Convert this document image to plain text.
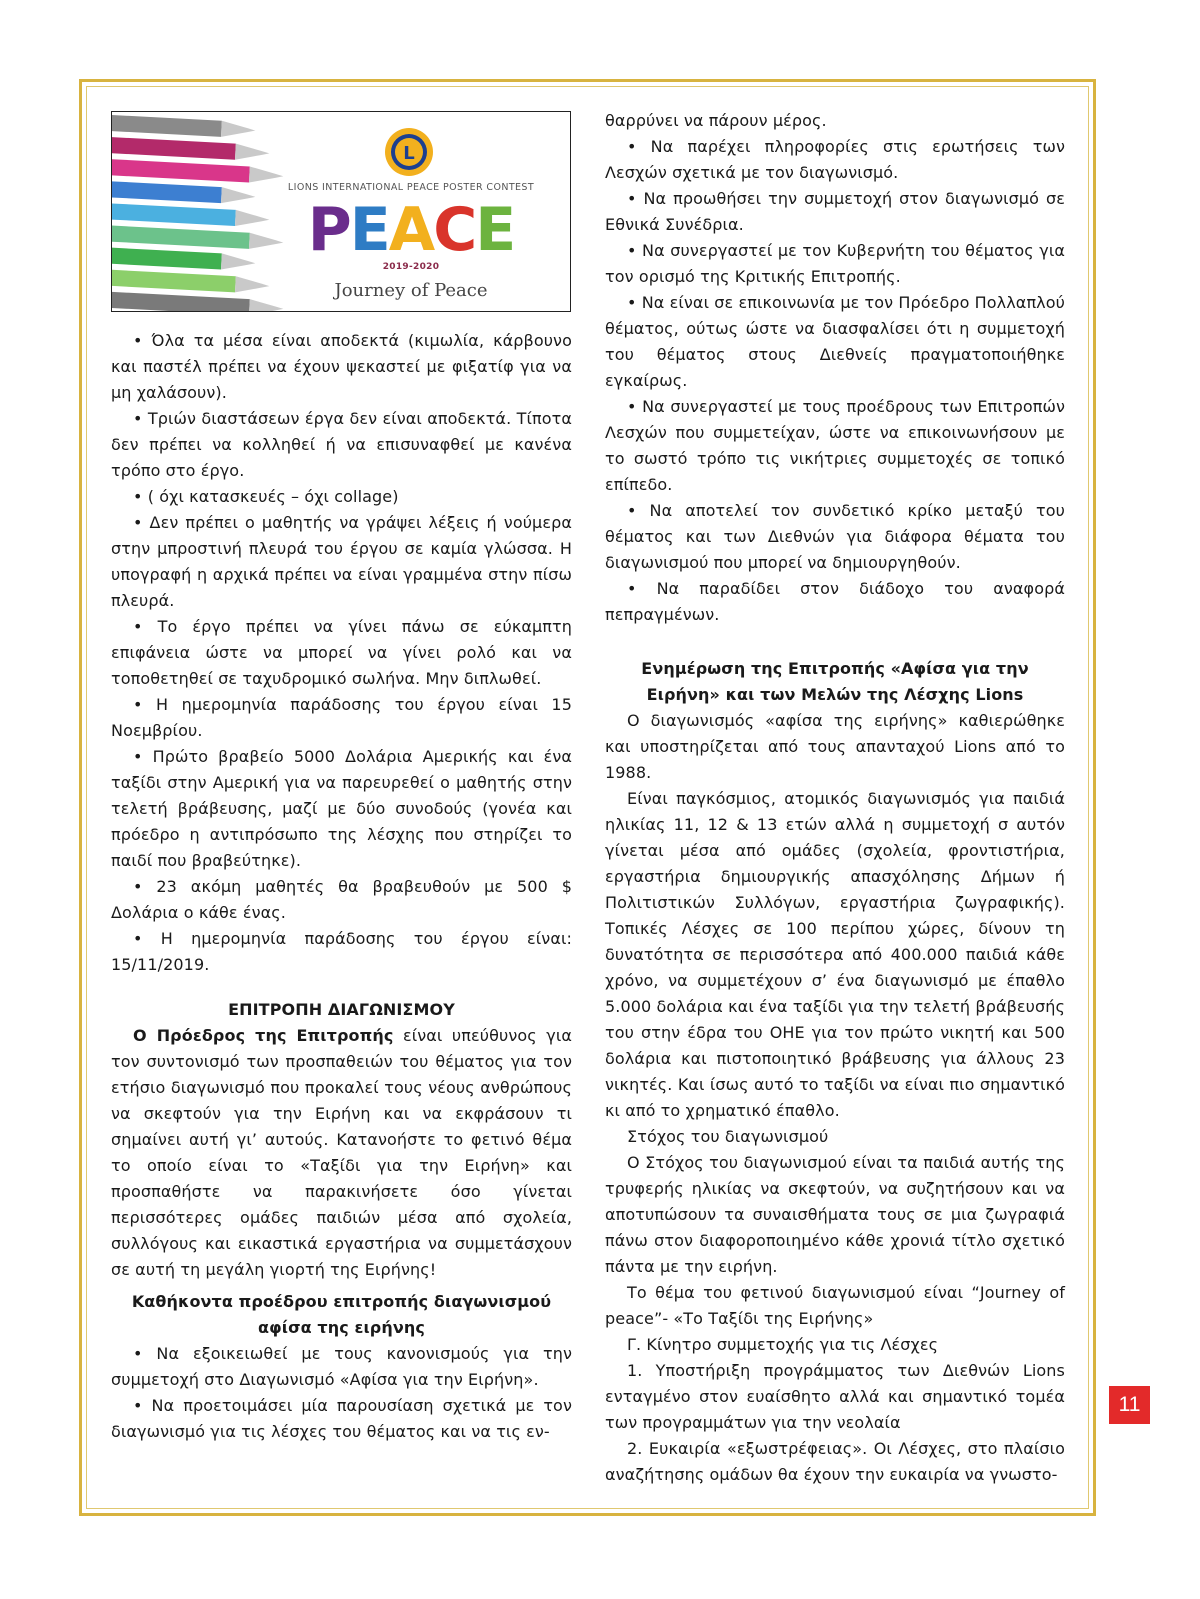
L
LIONS INTERNATIONAL PEACE POSTER CONTEST
PEACE
2019-2020
Journey of Peace

• Όλα τα μέσα είναι αποδεκτά (κιμωλία, κάρβουνο και παστέλ πρέπει να έχουν ψεκαστεί με φιξατίφ για να μη χαλάσουν).

• Τριών διαστάσεων έργα δεν είναι αποδεκτά. Τίποτα δεν πρέπει να κολληθεί ή να επισυναφθεί με κανένα τρόπο στο έργο.

• ( όχι κατασκευές – όχι collage)

• Δεν πρέπει ο μαθητής να γράψει λέξεις ή νούμερα στην μπροστινή πλευρά του έργου σε καμία γλώσσα. Η υπογραφή η αρχικά πρέπει να είναι γραμμένα στην πίσω πλευρά.

• Το έργο πρέπει να γίνει πάνω σε εύκαμπτη επιφάνεια ώστε να μπορεί να γίνει ρολό και να τοποθετηθεί σε ταχυδρομικό σωλήνα. Μην διπλωθεί.

• Η ημερομηνία παράδοσης του έργου είναι 15 Νοεμβρίου.

• Πρώτο βραβείο 5000 Δολάρια Αμερικής και ένα ταξίδι στην Αμερική για να παρευρεθεί ο μαθητής στην τελετή βράβευσης, μαζί με δύο συνοδούς (γονέα και πρόεδρο η αντιπρόσωπο της λέσχης που στηρίζει το παιδί που βραβεύτηκε).

• 23 ακόμη μαθητές θα βραβευθούν με 500 $ Δολάρια ο κάθε ένας.

• Η ημερομηνία παράδοσης του έργου είναι: 15/11/2019.

ΕΠΙΤΡΟΠΗ ΔΙΑΓΩΝΙΣΜΟΥ

Ο Πρόεδρος της Επιτροπής είναι υπεύθυνος για τον συντονισμό των προσπαθειών του θέματος για τον ετήσιο διαγωνισμό που προκαλεί τους νέους ανθρώπους να σκεφτούν για την Ειρήνη και να εκφράσουν τι σημαίνει αυτή γι’ αυτούς. Κατανοήστε το φετινό θέμα το οποίο είναι το «Ταξίδι για την Ειρήνη» και προσπαθήστε να παρακινήσετε όσο γίνεται περισσότερες ομάδες παιδιών μέσα από σχολεία, συλλόγους και εικαστικά εργαστήρια να συμμετάσχουν σε αυτή τη μεγάλη γιορτή της Ειρήνης!

Καθήκοντα προέδρου επιτροπής διαγωνισμού

αφίσα της ειρήνης

• Να εξοικειωθεί με τους κανονισμούς για την συμμετοχή στο Διαγωνισμό «Αφίσα για την Ειρήνη».

• Να προετοιμάσει μία παρουσίαση σχετικά με τον διαγωνισμό για τις λέσχες του θέματος και να τις εν-

θαρρύνει να πάρουν μέρος.

• Να παρέχει πληροφορίες στις ερωτήσεις των Λεσχών σχετικά με τον διαγωνισμό.

• Να προωθήσει την συμμετοχή στον διαγωνισμό σε Εθνικά Συνέδρια.

• Να συνεργαστεί με τον Κυβερνήτη του θέματος για τον ορισμό της Κριτικής Επιτροπής.

• Να είναι σε επικοινωνία με τον Πρόεδρο Πολλαπλού θέματος, ούτως ώστε να διασφαλίσει ότι η συμμετοχή του θέματος στους Διεθνείς πραγματοποιήθηκε εγκαίρως.

• Να συνεργαστεί με τους προέδρους των Επιτροπών Λεσχών που συμμετείχαν, ώστε να επικοινωνήσουν με το σωστό τρόπο τις νικήτριες συμμετοχές σε τοπικό επίπεδο.

• Να αποτελεί τον συνδετικό κρίκο μεταξύ του θέματος και των Διεθνών για διάφορα θέματα του διαγωνισμού που μπορεί να δημιουργηθούν.

• Να παραδίδει στον διάδοχο του αναφορά πεπραγμένων.

Ενημέρωση της Επιτροπής «Αφίσα για την

Ειρήνη» και των Μελών της Λέσχης Lions

Ο διαγωνισμός «αφίσα της ειρήνης» καθιερώθηκε και υποστηρίζεται από τους απανταχού Lions από το 1988.

Είναι παγκόσμιος, ατομικός διαγωνισμός για παιδιά ηλικίας 11, 12 & 13 ετών αλλά η συμμετοχή σ αυτόν γίνεται μέσα από ομάδες (σχολεία, φροντιστήρια, εργαστήρια δημιουργικής απασχόλησης Δήμων ή Πολιτιστικών Συλλόγων, εργαστήρια ζωγραφικής). Τοπικές Λέσχες σε 100 περίπου χώρες, δίνουν τη δυνατότητα σε περισσότερα από 400.000 παιδιά κάθε χρόνο, να συμμετέχουν σ’ ένα διαγωνισμό με έπαθλο 5.000 δολάρια και ένα ταξίδι για την τελετή βράβευσής του στην έδρα του ΟΗΕ για τον πρώτο νικητή και 500 δολάρια και πιστοποιητικό βράβευσης για άλλους 23 νικητές. Και ίσως αυτό το ταξίδι να είναι πιο σημαντικό κι από το χρηματικό έπαθλο.

Στόχος του διαγωνισμού

Ο Στόχος του διαγωνισμού είναι τα παιδιά αυτής της τρυφερής ηλικίας να σκεφτούν, να συζητήσουν και να αποτυπώσουν τα συναισθήματα τους σε μια ζωγραφιά πάνω στον διαφοροποιημένο κάθε χρονιά τίτλο σχετικό πάντα με την ειρήνη.

Το θέμα του φετινού διαγωνισμού είναι “Journey of peace”- «Το Ταξίδι της Ειρήνης»

Γ. Κίνητρο συμμετοχής για τις Λέσχες

1. Υποστήριξη προγράμματος των Διεθνών Lions ενταγμένο στον ευαίσθητο αλλά και σημαντικό τομέα των προγραμμάτων για την νεολαία

2. Ευκαιρία «εξωστρέφειας». Οι Λέσχες, στο πλαίσιο αναζήτησης ομάδων θα έχουν την ευκαιρία να γνωστο-

11
